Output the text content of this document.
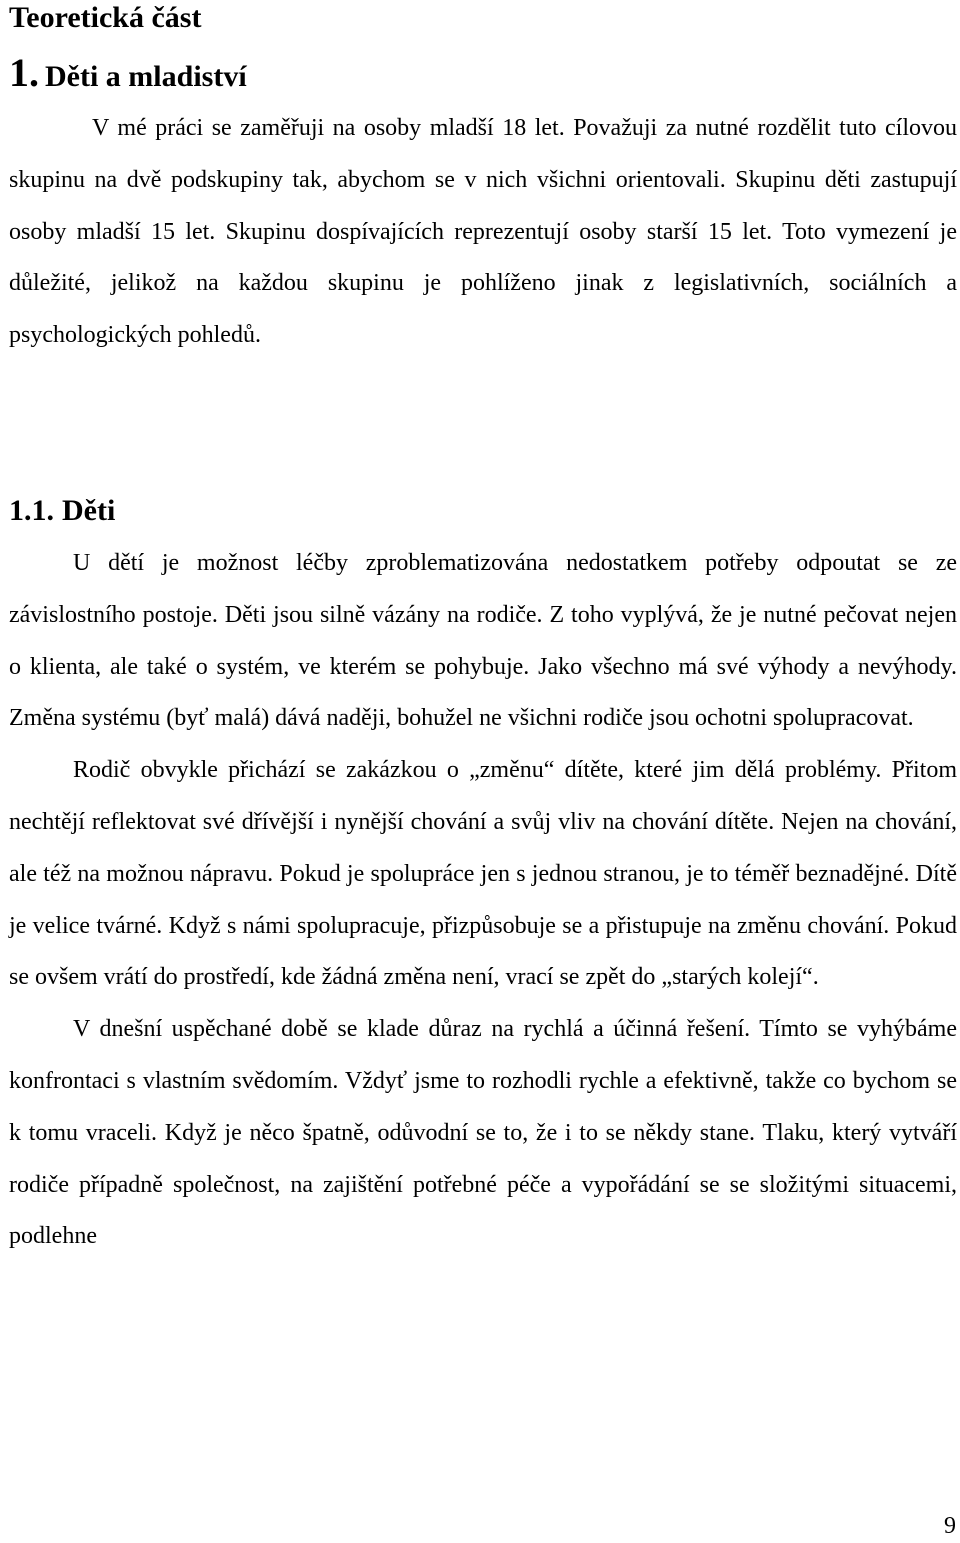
Teoretická část
1. Děti a mladiství

V mé práci se zaměřuji na osoby mladší 18 let. Považuji za nutné rozdělit tuto cílovou skupinu na dvě podskupiny tak, abychom se v nich všichni orientovali. Skupinu děti zastupují osoby mladší 15 let. Skupinu dospívajících reprezentují osoby starší 15 let. Toto vymezení je důležité, jelikož na každou skupinu je pohlíženo jinak z legislativních, sociálních a psychologických pohledů.

1.1. Děti

U dětí je možnost léčby zproblematizována nedostatkem potřeby odpoutat se ze závislostního postoje. Děti jsou silně vázány na rodiče. Z toho vyplývá, že je nutné pečovat nejen o klienta, ale také o systém, ve kterém se pohybuje. Jako všechno má své výhody a nevýhody. Změna systému (byť malá) dává naději, bohužel ne všichni rodiče jsou ochotni spolupracovat.

Rodič obvykle přichází se zakázkou o „změnu“ dítěte, které jim dělá problémy. Přitom nechtějí reflektovat své dřívější i nynější chování a svůj vliv na chování dítěte. Nejen na chování, ale též na možnou nápravu. Pokud je spolupráce jen s jednou stranou, je to téměř beznadějné. Dítě je velice tvárné. Když s námi spolupracuje, přizpůsobuje se a přistupuje na změnu chování. Pokud se ovšem vrátí do prostředí, kde žádná změna není, vrací se zpět do „starých kolejí“.

V dnešní uspěchané době se klade důraz na rychlá a účinná řešení. Tímto se vyhýbáme konfrontaci s vlastním svědomím. Vždyť jsme to rozhodli rychle a efektivně, takže co bychom se k tomu vraceli. Když je něco špatně, odůvodní se to, že i to se někdy stane. Tlaku, který vytváří rodiče případně společnost, na zajištění potřebné péče a vypořádání se se složitými situacemi, podlehne

9
